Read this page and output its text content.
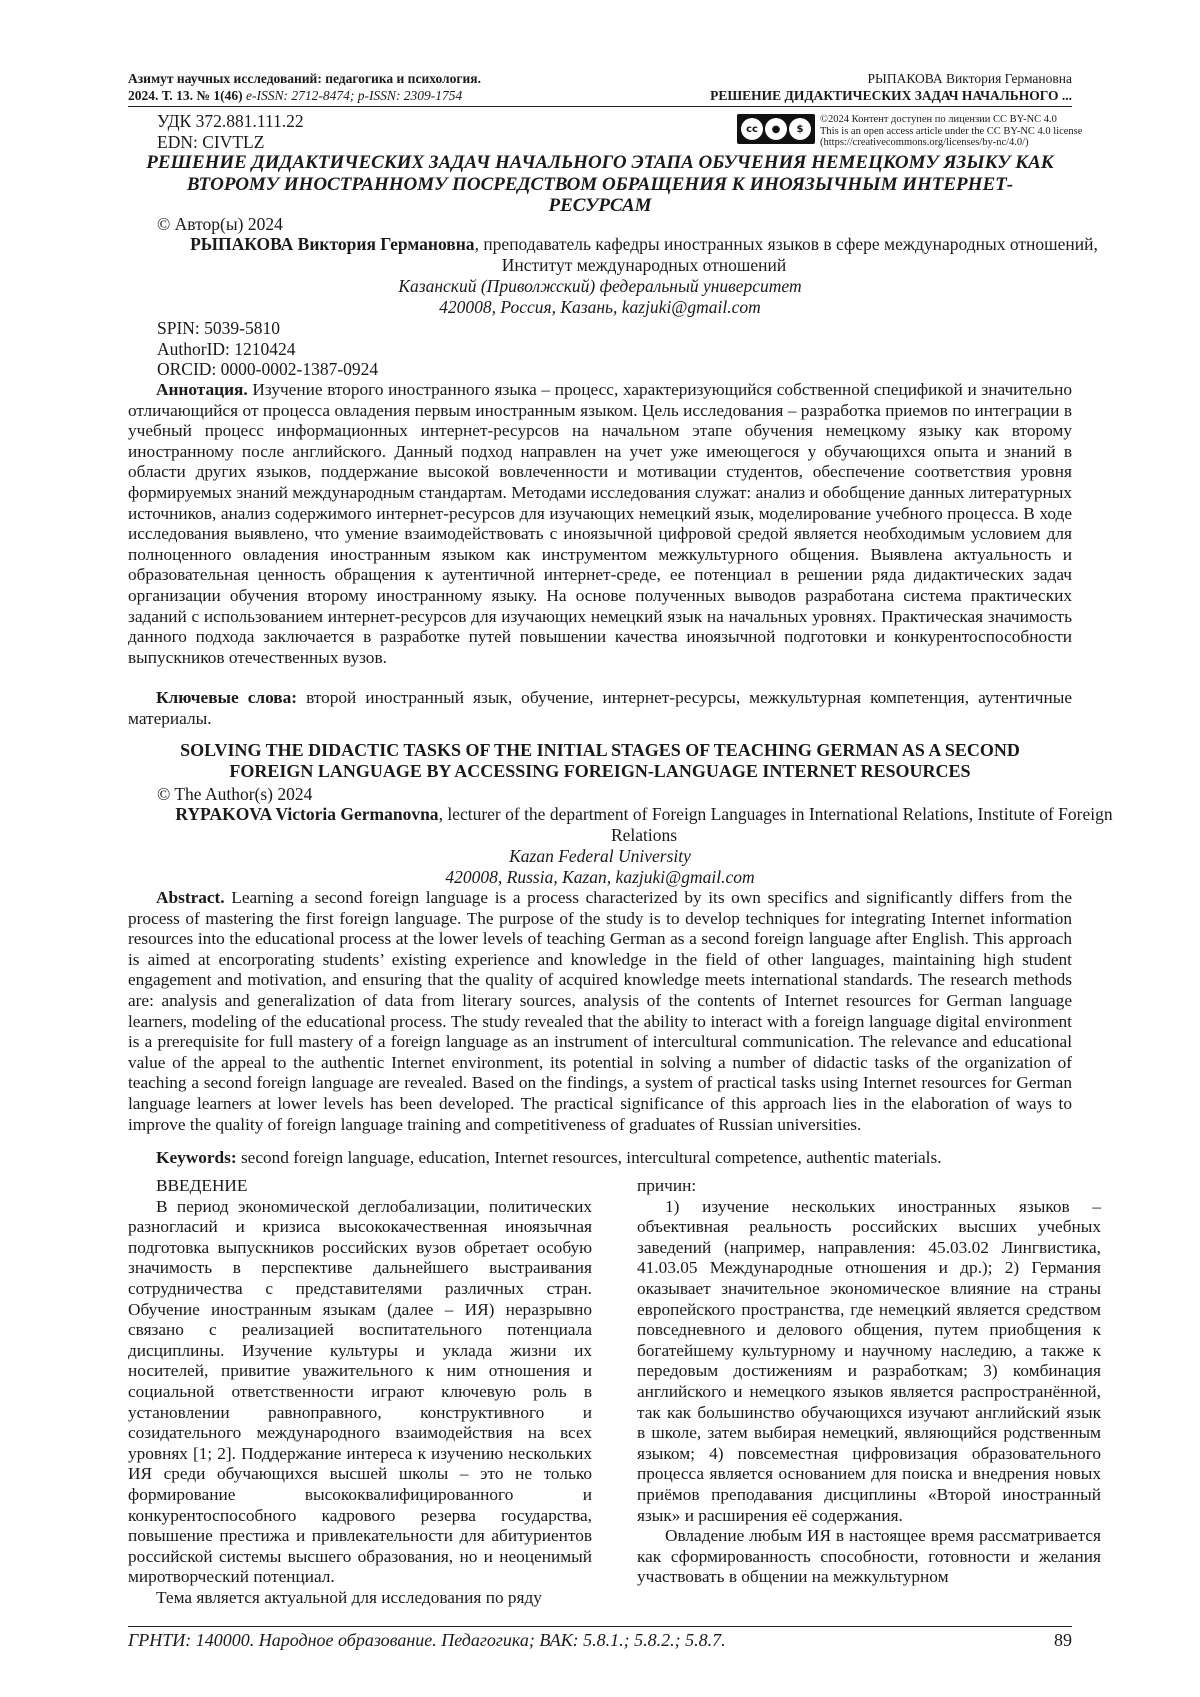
Азимут научных исследований: педагогика и психология.
2024. Т. 13. № 1(46) e-ISSN: 2712-8474; p-ISSN: 2309-1754
РЫПАКОВА Виктория Германовна
РЕШЕНИЕ ДИДАКТИЧЕСКИХ ЗАДАЧ НАЧАЛЬНОГО ...
УДК 372.881.111.22
EDN: CIVTLZ
cc	●	$
©2024 Контент доступен по лицензии CC BY-NC 4.0
This is an open access article under the CC BY-NC 4.0 license
(https://creativecommons.org/licenses/by-nc/4.0/)
РЕШЕНИЕ ДИДАКТИЧЕСКИХ ЗАДАЧ НАЧАЛЬНОГО ЭТАПА ОБУЧЕНИЯ НЕМЕЦКОМУ ЯЗЫКУ КАК ВТОРОМУ ИНОСТРАННОМУ ПОСРЕДСТВОМ ОБРАЩЕНИЯ К ИНОЯЗЫЧНЫМ ИНТЕРНЕТ-РЕСУРСАМ
© Автор(ы) 2024
РЫПАКОВА Виктория Германовна, преподаватель кафедры иностранных языков в сфере международных отношений, Институт международных отношений
Казанский (Приволжский) федеральный университет
420008, Россия, Казань, kazjuki@gmail.com
SPIN: 5039-5810
AuthorID: 1210424
ORCID: 0000-0002-1387-0924
Аннотация. Изучение второго иностранного языка – процесс, характеризующийся собственной спецификой и значительно отличающийся от процесса овладения первым иностранным языком. Цель исследования – разработка приемов по интеграции в учебный процесс информационных интернет-ресурсов на начальном этапе обучения немецкому языку как второму иностранному после английского. Данный подход направлен на учет уже имеющегося у обучающихся опыта и знаний в области других языков, поддержание высокой вовлеченности и мотивации студентов, обеспечение соответствия уровня формируемых знаний международным стандартам. Методами исследования служат: анализ и обобщение данных литературных источников, анализ содержимого интернет-ресурсов для изучающих немецкий язык, моделирование учебного процесса. В ходе исследования выявлено, что умение взаимодействовать с иноязычной цифровой средой является необходимым условием для полноценного овладения иностранным языком как инструментом межкультурного общения. Выявлена актуальность и образовательная ценность обращения к аутентичной интернет-среде, ее потенциал в решении ряда дидактических задач организации обучения второму иностранному языку. На основе полученных выводов разработана система практических заданий с использованием интернет-ресурсов для изучающих немецкий язык на начальных уровнях. Практическая значимость данного подхода заключается в разработке путей повышении качества иноязычной подготовки и конкурентоспособности выпускников отечественных вузов.
Ключевые слова: второй иностранный язык, обучение, интернет-ресурсы, межкультурная компетенция, аутентичные материалы.
SOLVING THE DIDACTIC TASKS OF THE INITIAL STAGES OF TEACHING GERMAN AS A SECOND FOREIGN LANGUAGE BY ACCESSING FOREIGN-LANGUAGE INTERNET RESOURCES
© The Author(s) 2024
RYPAKOVA Victoria Germanovna, lecturer of the department of Foreign Languages in International Relations, Institute of Foreign Relations
Kazan Federal University
420008, Russia, Kazan, kazjuki@gmail.com
Abstract. Learning a second foreign language is a process characterized by its own specifics and significantly differs from the process of mastering the first foreign language. The purpose of the study is to develop techniques for integrating Internet information resources into the educational process at the lower levels of teaching German as a second foreign language after English. This approach is aimed at encorporating students’ existing experience and knowledge in the field of other languages, maintaining high student engagement and motivation, and ensuring that the quality of acquired knowledge meets international standards. The research methods are: analysis and generalization of data from literary sources, analysis of the contents of Internet resources for German language learners, modeling of the educational process. The study revealed that the ability to interact with a foreign language digital environment is a prerequisite for full mastery of a foreign language as an instrument of intercultural communication. The relevance and educational value of the appeal to the authentic Internet environment, its potential in solving a number of didactic tasks of the organization of teaching a second foreign language are revealed. Based on the findings, a system of practical tasks using Internet resources for German language learners at lower levels has been developed. The practical significance of this approach lies in the elaboration of ways to improve the quality of foreign language training and competitiveness of graduates of Russian universities.
Keywords: second foreign language, education, Internet resources, intercultural competence, authentic materials.

ВВЕДЕНИЕ

В период экономической деглобализации, политических разногласий и кризиса высококачественная иноязычная подготовка выпускников российских вузов обретает особую значимость в перспективе дальнейшего выстраивания сотрудничества с представителями различных стран. Обучение иностранным языкам (далее – ИЯ) неразрывно связано с реализацией воспитательного потенциала дисциплины. Изучение культуры и уклада жизни их носителей, привитие уважительного к ним отношения и социальной ответственности играют ключевую роль в установлении равноправного, конструктивного и созидательного международного взаимодействия на всех уровнях [1; 2]. Поддержание интереса к изучению нескольких ИЯ среди обучающихся высшей школы – это не только формирование высококвалифицированного и конкурентоспособного кадрового резерва государства, повышение престижа и привлекательности для абитуриентов российской системы высшего образования, но и неоценимый миротворческий потенциал.

Тема является актуальной для исследования по ряду

причин:

1) изучение нескольких иностранных языков – объективная реальность российских высших учебных заведений (например, направления: 45.03.02 Лингвистика, 41.03.05 Международные отношения и др.); 2) Германия оказывает значительное экономическое влияние на страны европейского пространства, где немецкий является средством повседневного и делового общения, путем приобщения к богатейшему культурному и научному наследию, а также к передовым достижениям и разработкам; 3) комбинация английского и немецкого языков является распространённой, так как большинство обучающихся изучают английский язык в школе, затем выбирая немецкий, являющийся родственным языком; 4) повсеместная цифровизация образовательного процесса является основанием для поиска и внедрения новых приёмов преподавания дисциплины «Второй иностранный язык» и расширения её содержания.

Овладение любым ИЯ в настоящее время рассматривается как сформированность способности, готовности и желания участвовать в общении на межкультурном

ГРНТИ: 140000. Народное образование. Педагогика; ВАК: 5.8.1.; 5.8.2.; 5.8.7.	89
